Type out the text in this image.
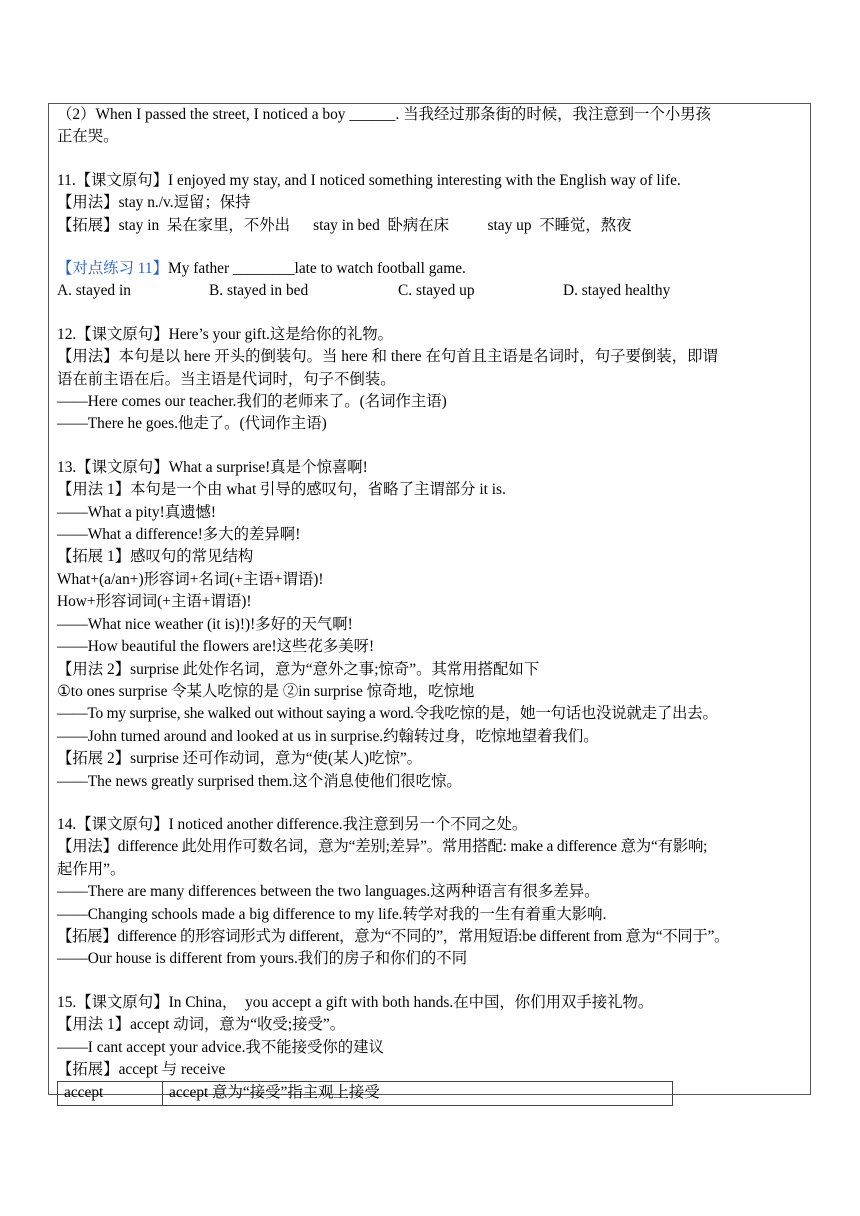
（2）When I passed the street, I noticed a boy ______. 当我经过那条街的时候，我注意到一个小男孩
正在哭。
11.【课文原句】I enjoyed my stay, and I noticed something interesting with the English way of life.
【用法】stay n./v.逗留；保持
【拓展】stay in  呆在家里，不外出      stay in bed  卧病在床          stay up  不睡觉，熬夜
【对点练习 11】My father ________late to watch football game.
A. stayed in	B. stayed in bed	C. stayed up	D. stayed healthy
12.【课文原句】Here’s your gift.这是给你的礼物。
【用法】本句是以 here 开头的倒装句。当 here 和 there 在句首且主语是名词时，句子要倒装，即谓
语在前主语在后。当主语是代词时，句子不倒装。
——Here comes our teacher.我们的老师来了。(名词作主语)
——There he goes.他走了。(代词作主语)
13.【课文原句】What a surprise!真是个惊喜啊!
【用法 1】本句是一个由 what 引导的感叹句，省略了主谓部分 it is.
——What a pity!真遗憾!
——What a difference!多大的差异啊!
【拓展 1】感叹句的常见结构
What+(a/an+)形容词+名词(+主语+谓语)!
How+形容词词(+主语+谓语)!
——What nice weather (it is)!)!多好的天气啊!
——How beautiful the flowers are!这些花多美呀!
【用法 2】surprise 此处作名词，意为“意外之事;惊奇”。其常用搭配如下
①to ones surprise 令某人吃惊的是 ②in surprise 惊奇地，吃惊地
——To my surprise, she walked out without saying a word.令我吃惊的是，她一句话也没说就走了出去。
——John turned around and looked at us in surprise.约翰转过身，吃惊地望着我们。
【拓展 2】surprise 还可作动词，意为“使(某人)吃惊”。
——The news greatly surprised them.这个消息使他们很吃惊。
14.【课文原句】I noticed another difference.我注意到另一个不同之处。
【用法】difference 此处用作可数名词，意为“差别;差异”。常用搭配: make a difference 意为“有影响;
起作用”。
——There are many differences between the two languages.这两种语言有很多差异。
——Changing schools made a big difference to my life.转学对我的一生有着重大影响.
【拓展】difference 的形容词形式为 different，意为“不同的”，常用短语:be different from 意为“不同于”。
——Our house is different from yours.我们的房子和你们的不同
15.【课文原句】In China，  you accept a gift with both hands.在中国，你们用双手接礼物。
【用法 1】accept 动词，意为“收受;接受”。
——I cant accept your advice.我不能接受你的建议
【拓展】accept 与 receive
accept	accept 意为“接受”指主观上接受
